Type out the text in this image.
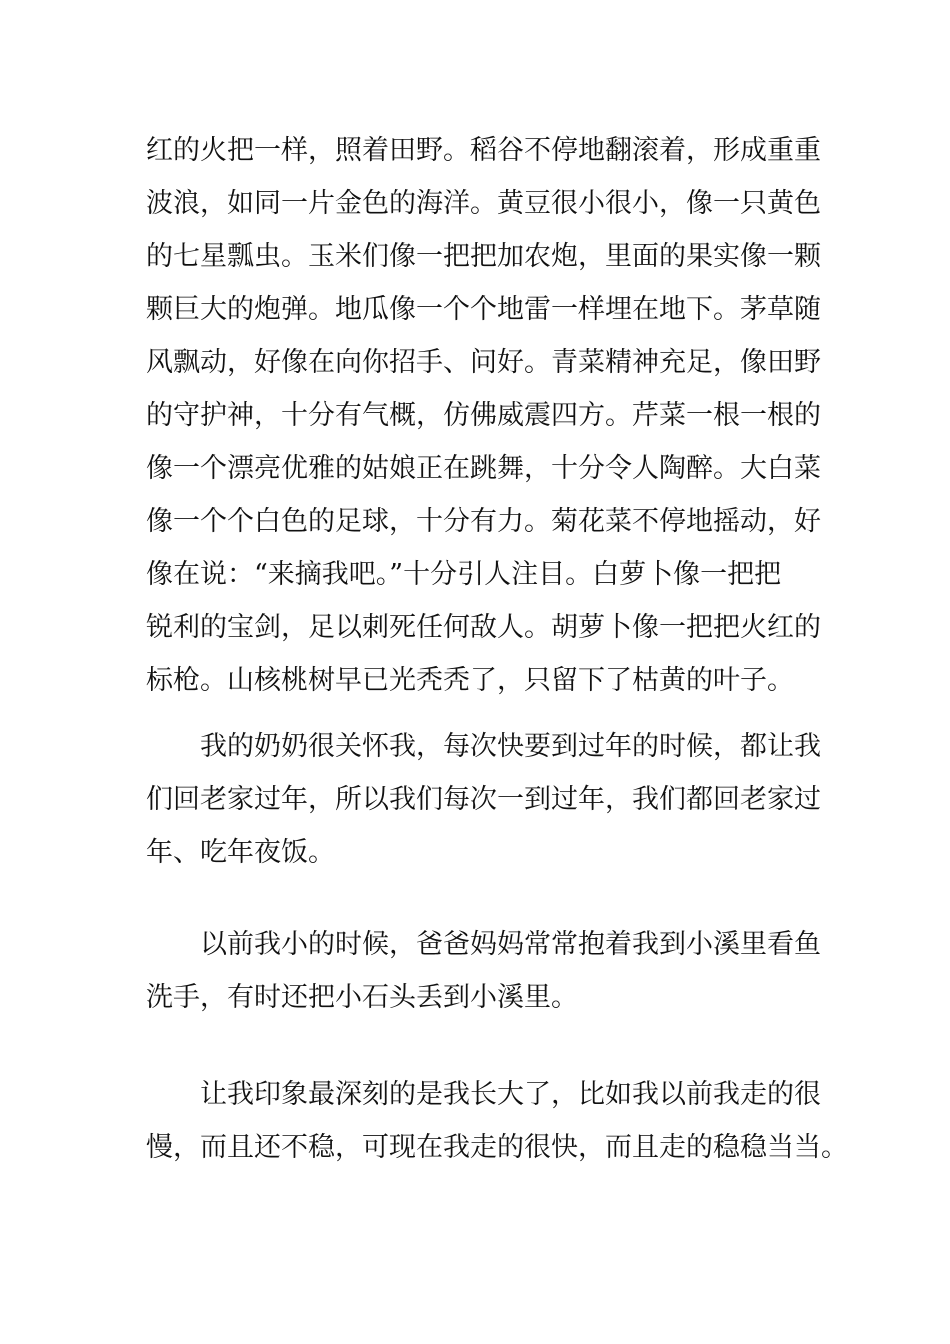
红的火把一样，照着田野。稻谷不停地翻滚着，形成重重
波浪，如同一片金色的海洋。黄豆很小很小，像一只黄色
的七星瓢虫。玉米们像一把把加农炮，里面的果实像一颗
颗巨大的炮弹。地瓜像一个个地雷一样埋在地下。茅草随
风飘动，好像在向你招手、问好。青菜精神充足，像田野
的守护神，十分有气概，仿佛威震四方。芹菜一根一根的
像一个漂亮优雅的姑娘正在跳舞，十分令人陶醉。大白菜
像一个个白色的足球，十分有力。菊花菜不停地摇动，好
像在说：“来摘我吧。”十分引人注目。白萝卜像一把把
锐利的宝剑，足以刺死任何敌人。胡萝卜像一把把火红的
标枪。山核桃树早已光秃秃了，只留下了枯黄的叶子。

我的奶奶很关怀我，每次快要到过年的时候，都让我
们回老家过年，所以我们每次一到过年，我们都回老家过
年、吃年夜饭。

以前我小的时候，爸爸妈妈常常抱着我到小溪里看鱼
洗手，有时还把小石头丢到小溪里。

让我印象最深刻的是我长大了，比如我以前我走的很
慢，而且还不稳，可现在我走的很快，而且走的稳稳当当。
